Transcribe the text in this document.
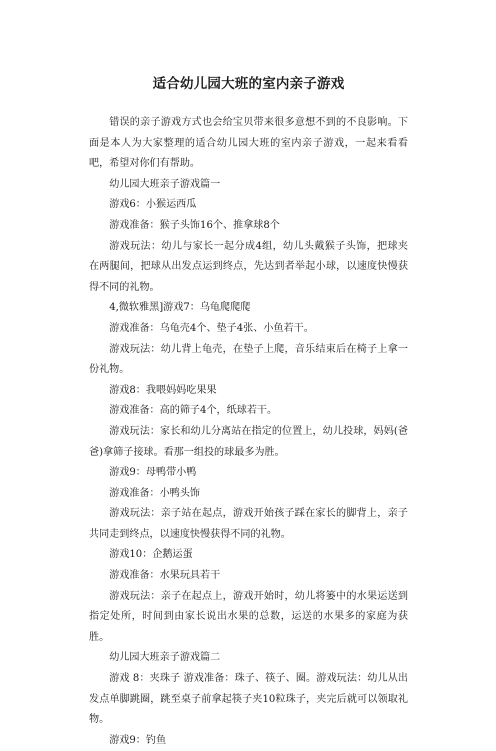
适合幼儿园大班的室内亲子游戏

错误的亲子游戏方式也会给宝贝带来很多意想不到的不良影响。下面是本人为大家整理的适合幼儿园大班的室内亲子游戏，一起来看看吧，希望对你们有帮助。

幼儿园大班亲子游戏篇一

游戏6：小猴运西瓜

游戏准备：猴子头饰16个、推拿球8个

游戏玩法：幼儿与家长一起分成4组，幼儿头戴猴子头饰，把球夹在两腿间，把球从出发点运到终点，先达到者举起小球，以速度快慢获得不同的礼物。

4,微软雅黑]游戏7：乌龟爬爬爬

游戏准备：乌龟壳4个、垫子4张、小鱼若干。

游戏玩法：幼儿背上龟壳，在垫子上爬，音乐结束后在椅子上拿一份礼物。

游戏8：我喂妈妈吃果果

游戏准备：高的筛子4个，纸球若干。

游戏玩法：家长和幼儿分离站在指定的位置上，幼儿投球，妈妈(爸爸)拿筛子接球。看那一组投的球最多为胜。

游戏9：母鸭带小鸭

游戏准备：小鸭头饰

游戏玩法：亲子站在起点，游戏开始孩子踩在家长的脚背上，亲子共同走到终点，以速度快慢获得不同的礼物。

游戏10：企鹅运蛋

游戏准备：水果玩具若干

游戏玩法：亲子在起点上，游戏开始时，幼儿将篓中的水果运送到指定处所，时间到由家长说出水果的总数，运送的水果多的家庭为获胜。

幼儿园大班亲子游戏篇二

游戏 8：夹珠子 游戏准备：珠子、筷子、圈。游戏玩法：幼儿从出发点单脚跳圈，跳至桌子前拿起筷子夹10粒珠子，夹完后就可以领取礼物。

游戏9：钓鱼
